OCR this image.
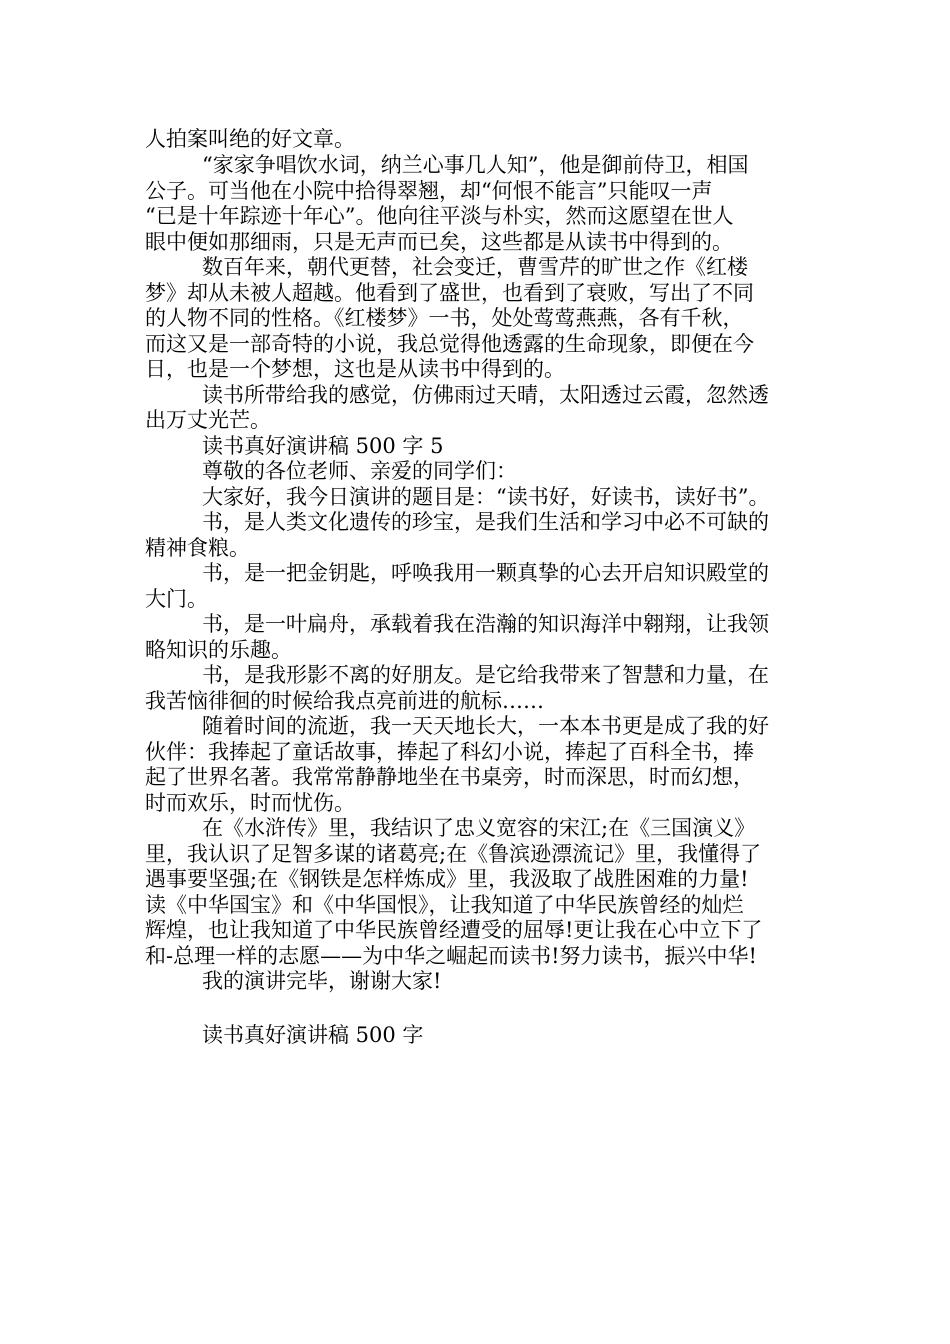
人拍案叫绝的好文章。

“家家争唱饮水词，纳兰心事几人知”，他是御前侍卫，相国

公子。可当他在小院中拾得翠翘，却“何恨不能言”只能叹一声

“已是十年踪迹十年心”。他向往平淡与朴实，然而这愿望在世人

眼中便如那细雨，只是无声而已矣，这些都是从读书中得到的。

数百年来，朝代更替，社会变迁，曹雪芹的旷世之作《红楼

梦》却从未被人超越。他看到了盛世，也看到了衰败，写出了不同

的人物不同的性格。《红楼梦》一书，处处莺莺燕燕，各有千秋，

而这又是一部奇特的小说，我总觉得他透露的生命现象，即便在今

日，也是一个梦想，这也是从读书中得到的。

读书所带给我的感觉，仿佛雨过天晴，太阳透过云霞，忽然透

出万丈光芒。

读书真好演讲稿 500 字 5

尊敬的各位老师、亲爱的同学们：

大家好，我今日演讲的题目是：“读书好，好读书，读好书”。

书，是人类文化遗传的珍宝，是我们生活和学习中必不可缺的

精神食粮。

书，是一把金钥匙，呼唤我用一颗真挚的心去开启知识殿堂的

大门。

书，是一叶扁舟，承载着我在浩瀚的知识海洋中翱翔，让我领

略知识的乐趣。

书，是我形影不离的好朋友。是它给我带来了智慧和力量，在

我苦恼徘徊的时候给我点亮前进的航标……

随着时间的流逝，我一天天地长大，一本本书更是成了我的好

伙伴：我捧起了童话故事，捧起了科幻小说，捧起了百科全书，捧

起了世界名著。我常常静静地坐在书桌旁，时而深思，时而幻想，

时而欢乐，时而忧伤。

在《水浒传》里，我结识了忠义宽容的宋江;在《三国演义》

里，我认识了足智多谋的诸葛亮;在《鲁滨逊漂流记》里，我懂得了

遇事要坚强;在《钢铁是怎样炼成》里，我汲取了战胜困难的力量!

读《中华国宝》和《中华国恨》，让我知道了中华民族曾经的灿烂

辉煌，也让我知道了中华民族曾经遭受的屈辱!更让我在心中立下了

和-总理一样的志愿——为中华之崛起而读书!努力读书，振兴中华!

我的演讲完毕，谢谢大家!

读书真好演讲稿 500 字
